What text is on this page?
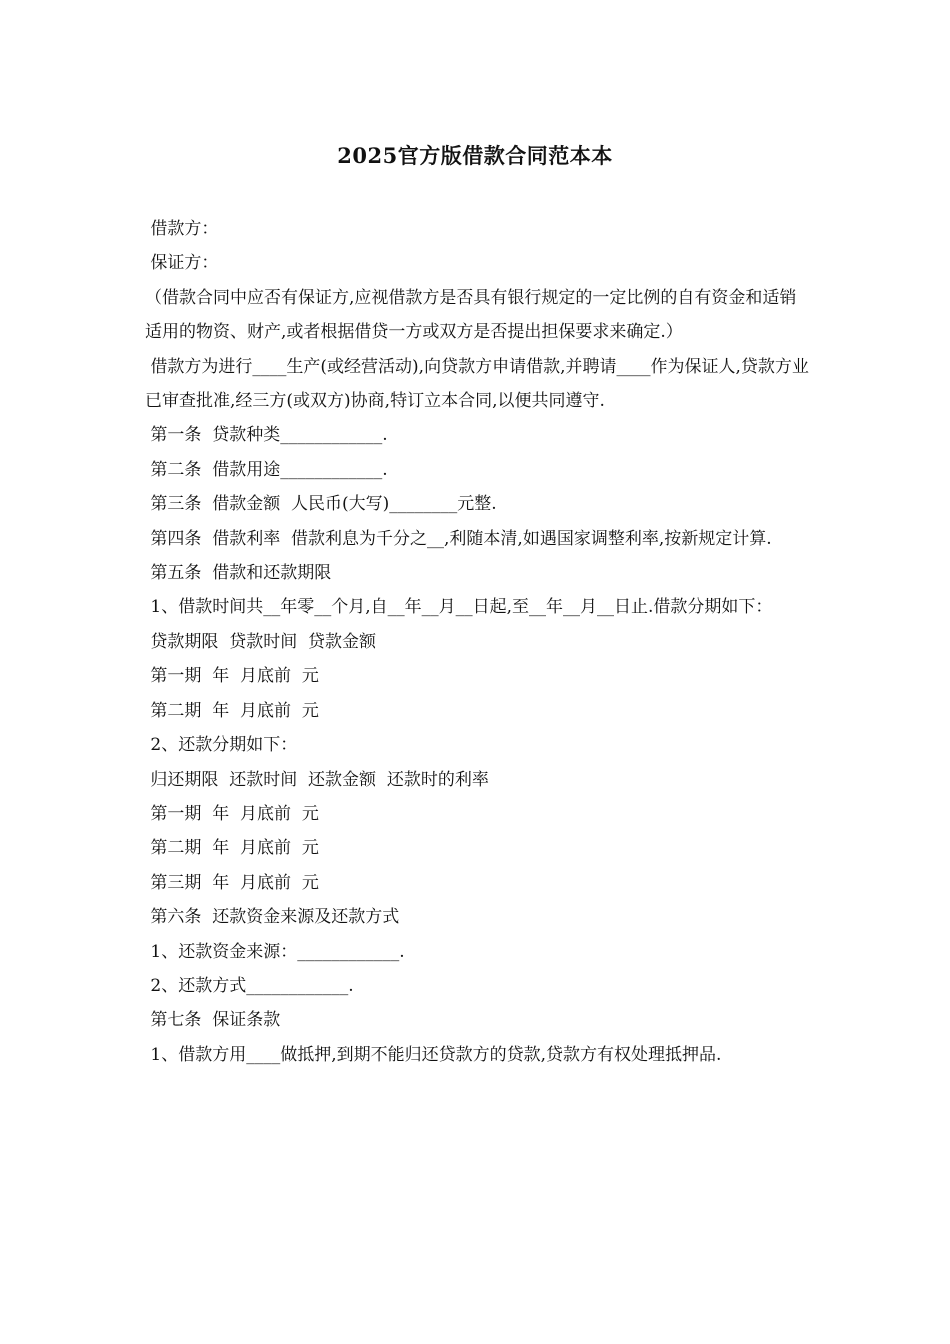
2025官方版借款合同范本本

借款方：

保证方：

（借款合同中应否有保证方,应视借款方是否具有银行规定的一定比例的自有资金和适销适用的物资、财产,或者根据借贷一方或双方是否提出担保要求来确定.）

借款方为进行____生产(或经营活动),向贷款方申请借款,并聘请____作为保证人,贷款方业已审查批准,经三方(或双方)协商,特订立本合同,以便共同遵守.

第一条  贷款种类____________.

第二条  借款用途____________.

第三条  借款金额  人民币(大写)________元整.

第四条  借款利率  借款利息为千分之__,利随本清,如遇国家调整利率,按新规定计算.

第五条  借款和还款期限

1、借款时间共__年零__个月,自__年__月__日起,至__年__月__日止.借款分期如下：

贷款期限  贷款时间  贷款金额

第一期  年  月底前  元

第二期  年  月底前  元

2、还款分期如下：

归还期限  还款时间  还款金额  还款时的利率

第一期  年  月底前  元

第二期  年  月底前  元

第三期  年  月底前  元

第六条  还款资金来源及还款方式

1、还款资金来源：____________.

2、还款方式____________.

第七条  保证条款

1、借款方用____做抵押,到期不能归还贷款方的贷款,贷款方有权处理抵押品.
